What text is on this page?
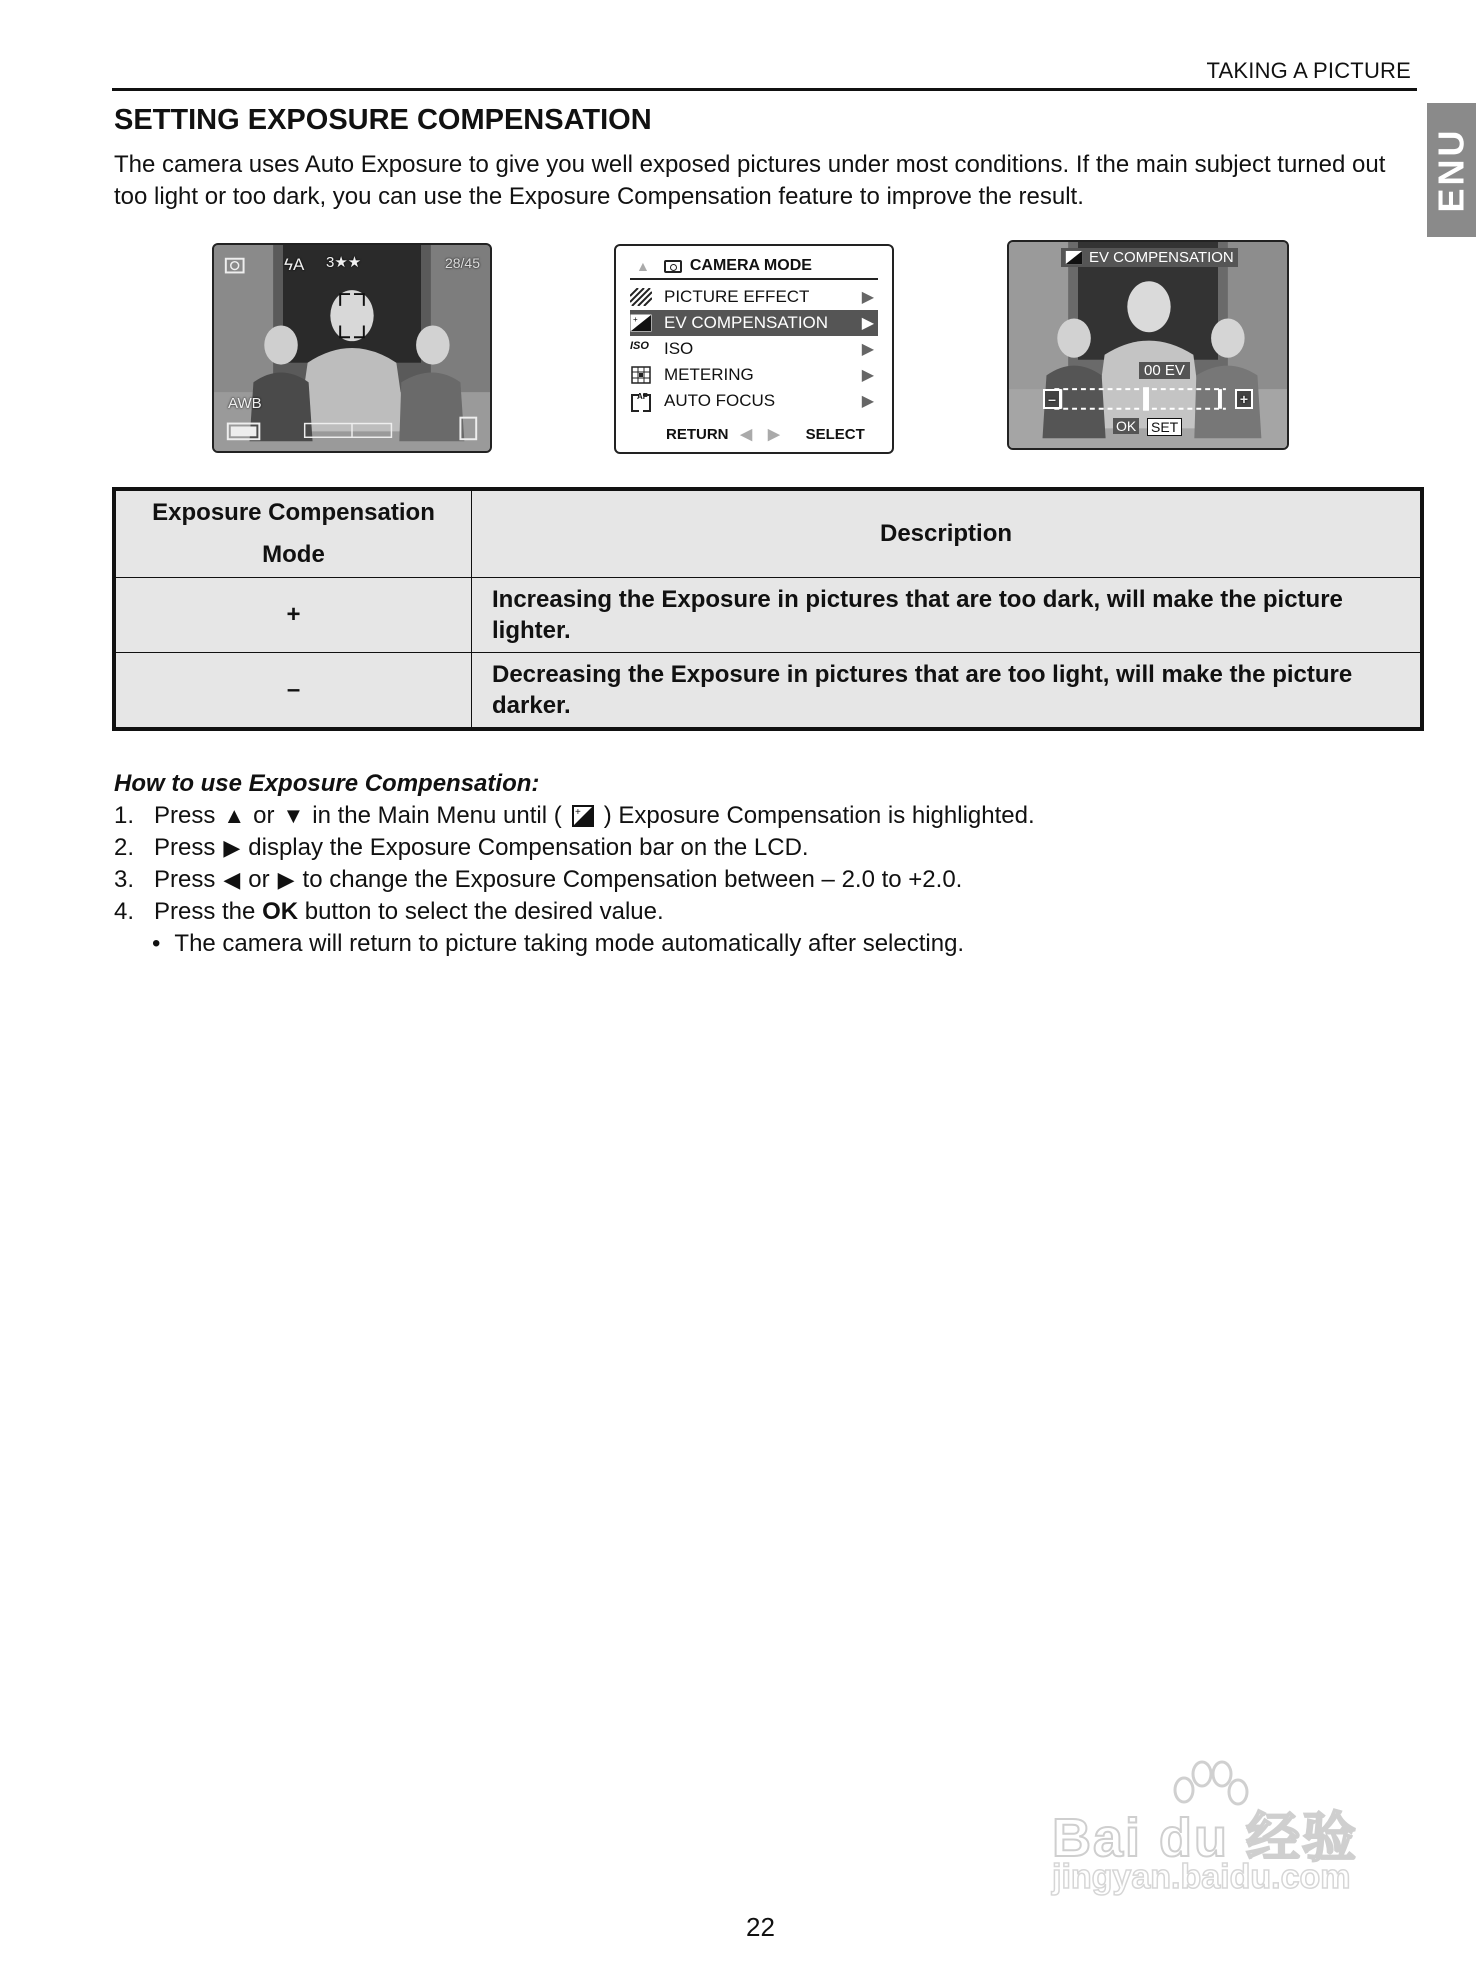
TAKING A PICTURE
ENU
SETTING EXPOSURE COMPENSATION
The camera uses Auto Exposure to give you well exposed pictures under most conditions. If the main subject turned out too light or too dark, you can use the Exposure Compensation feature to improve the result.
ϟA 3★★	28/45
AWB
▲	CAMERA MODE
PICTURE EFFECT	▶
+ EV COMPENSATION ▶
ISO ISO	▶
METERING	▶
AF AUTO FOCUS	▶
RETURN ◀ ▶ SELECT
EV COMPENSATION
00 EV
–	+
OK SET
Exposure Compensation Mode	Description
+	Increasing the Exposure in pictures that are too dark, will make the picture lighter.
–	Decreasing the Exposure in pictures that are too light, will make the picture darker.
How to use Exposure Compensation:
1. Press ▲ or ▼ in the Main Menu until ( + ) Exposure Compensation is highlighted.
2. Press ▶ display the Exposure Compensation bar on the LCD.
3. Press ◀ or ▶ to change the Exposure Compensation between – 2.0 to +2.0.
4. Press the
OK
button to select the desired value.
• The camera will return to picture taking mode automatically after selecting.
22
Bai du 经验
jingyan.baidu.com
